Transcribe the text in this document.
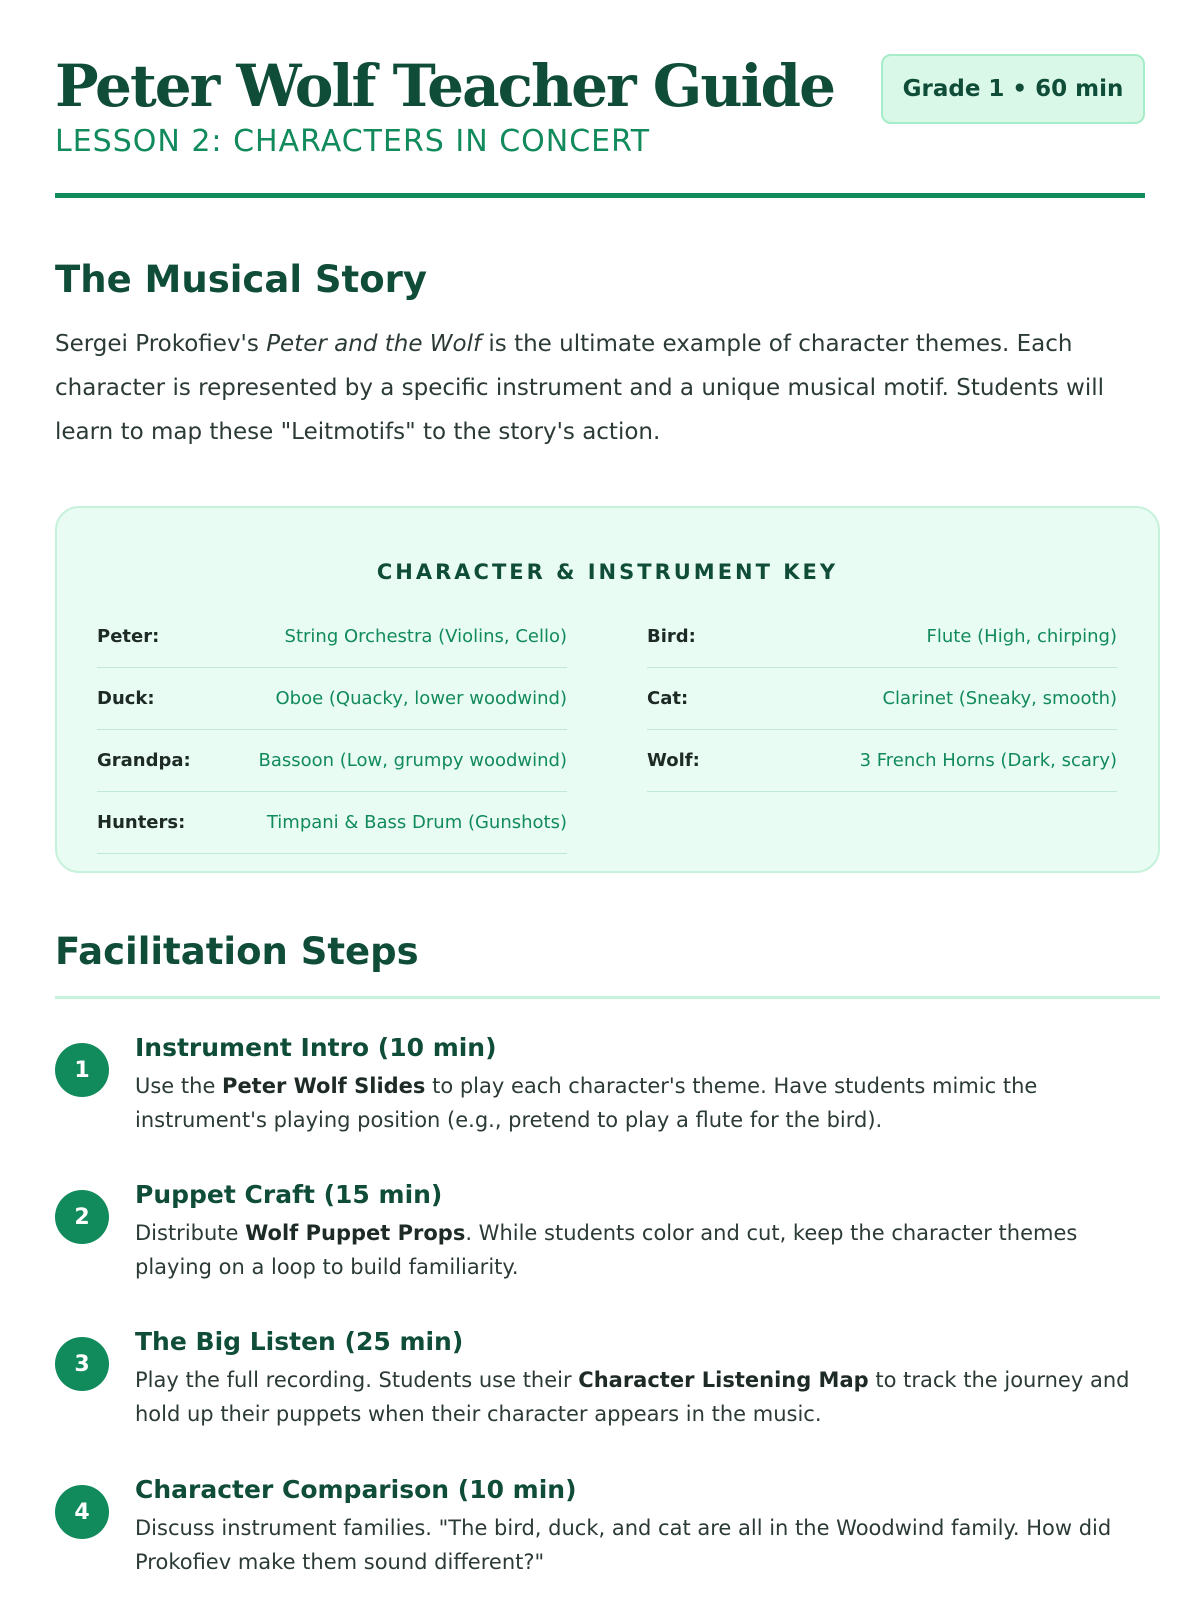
Peter Wolf Teacher Guide
LESSON 2: CHARACTERS IN CONCERT
Grade 1 • 60 min
The Musical Story

Sergei Prokofiev's Peter and the Wolf is the ultimate example of character themes. Each character is represented by a specific instrument and a unique musical motif. Students will learn to map these "Leitmotifs" to the story's action.

CHARACTER & INSTRUMENT KEY
Peter:	String Orchestra (Violins, Cello)
Duck:	Oboe (Quacky, lower woodwind)
Grandpa:	Bassoon (Low, grumpy woodwind)
Hunters:	Timpani & Bass Drum (Gunshots)
Bird:	Flute (High, chirping)
Cat:	Clarinet (Sneaky, smooth)
Wolf:	3 French Horns (Dark, scary)
Facilitation Steps
1
Instrument Intro (10 min)

Use the Peter Wolf Slides to play each character's theme. Have students mimic the instrument's playing position (e.g., pretend to play a flute for the bird).

2
Puppet Craft (15 min)

Distribute Wolf Puppet Props. While students color and cut, keep the character themes playing on a loop to build familiarity.

3
The Big Listen (25 min)

Play the full recording. Students use their Character Listening Map to track the journey and hold up their puppets when their character appears in the music.

4
Character Comparison (10 min)

Discuss instrument families. "The bird, duck, and cat are all in the Woodwind family. How did Prokofiev make them sound different?"
